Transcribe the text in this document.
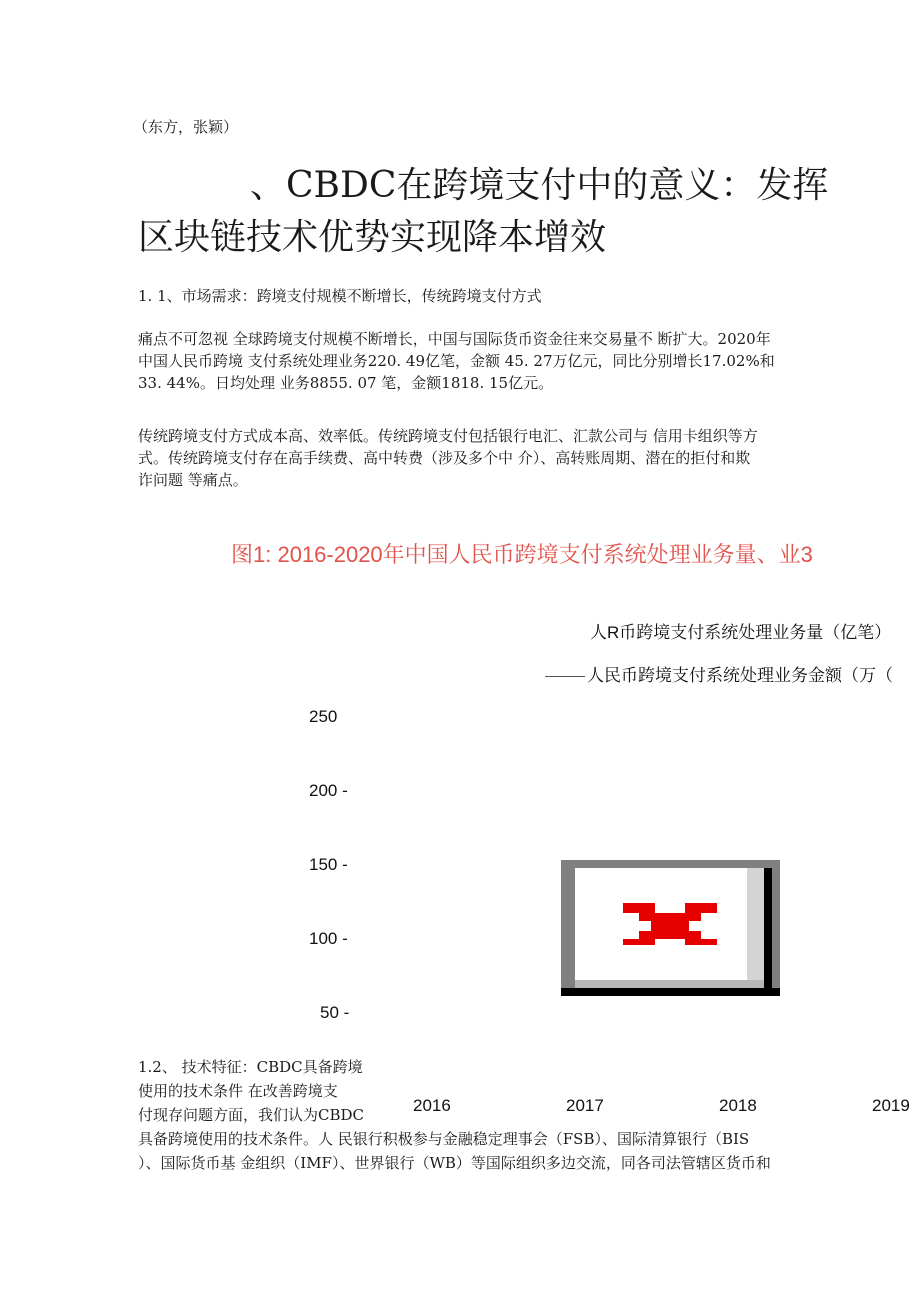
（东方，张颖）
、CBDC在跨境支付中的意义：发挥
区块链技术优势实现降本增效
1. 1、市场需求：跨境支付规模不断增长，传统跨境支付方式
痛点不可忽视 全球跨境支付规模不断增长，中国与国际货币资金往来交易量不 断扩大。2020年
中国人民币跨境 支付系统处理业务220. 49亿笔，金额 45. 27万亿元，同比分别增长17.02%和
33. 44%。日均处理 业务8855. 07 笔，金额1818. 15亿元。
传统跨境支付方式成本高、效率低。传统跨境支付包括银行电汇、汇款公司与 信用卡组织等方
式。传统跨境支付存在高手续费、高中转费（涉及多个中 介）、高转账周期、潜在的拒付和欺
诈问题 等痛点。
图1: 2016-2020年中国人民币跨境支付系统处理业务量、业3
人R币跨境支付系统处理业务量（亿笔）
人民币跨境支付系统处理业务金额（万（
250
200 -
150 -
100 -
50 -
2016	2017	2018	2019
1.2、 技术特征：CBDC具备跨境
使用的技术条件 在改善跨境支
付现存问题方面，我们认为CBDC
具备跨境使用的技术条件。人 民银行积极参与金融稳定理事会（FSB）、国际清算银行（BIS
）、国际货币基 金组织（IMF）、世界银行（WB）等国际组织多边交流，同各司法管辖区货币和
